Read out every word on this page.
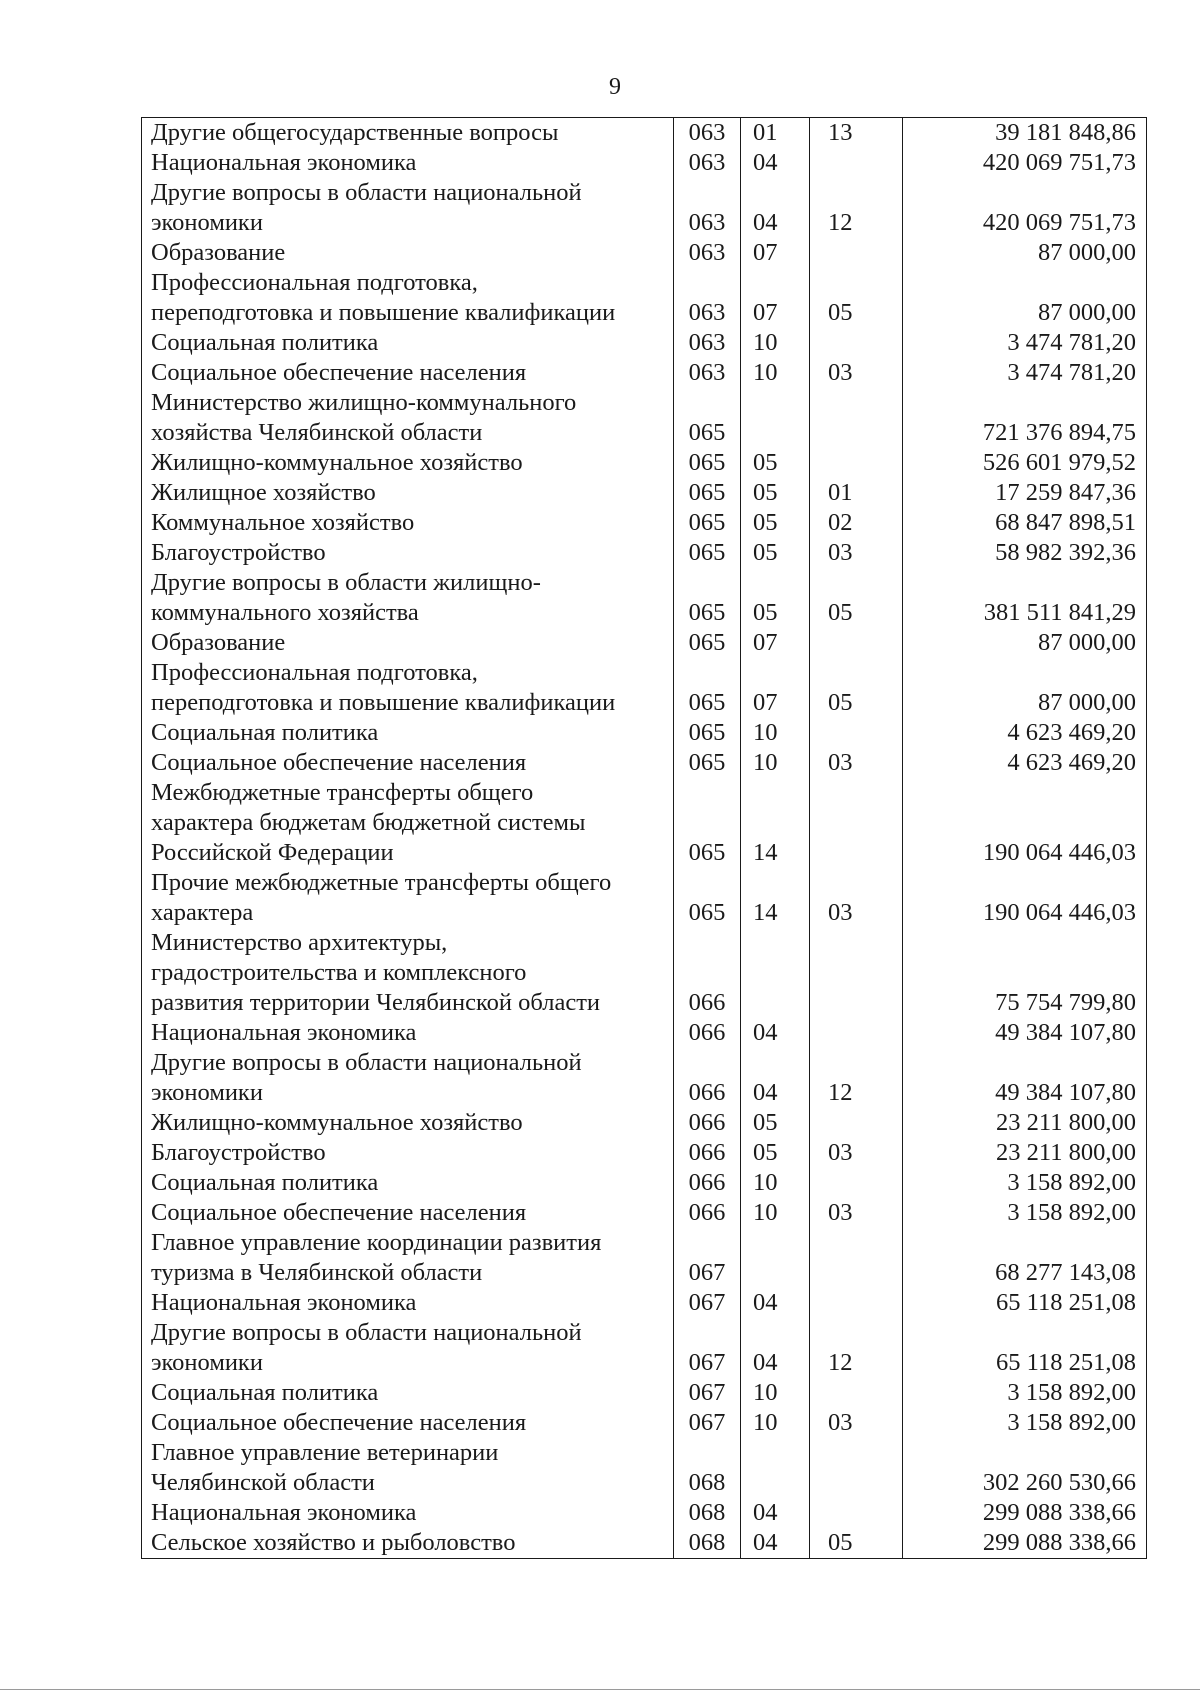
9
Другие общегосударственные вопросы	063	01	13	39 181 848,86

Национальная экономика	063	04		420 069 751,73

Другие вопросы в области национальной
экономики	063	04	12	420 069 751,73

Образование	063	07		87 000,00

Профессиональная подготовка,
переподготовка и повышение квалификации	063	07	05	87 000,00

Социальная политика	063	10		3 474 781,20

Социальное обеспечение населения	063	10	03	3 474 781,20

Министерство жилищно-коммунального
хозяйства Челябинской области	065			721 376 894,75

Жилищно-коммунальное хозяйство	065	05		526 601 979,52

Жилищное хозяйство	065	05	01	17 259 847,36

Коммунальное хозяйство	065	05	02	68 847 898,51

Благоустройство	065	05	03	58 982 392,36

Другие вопросы в области жилищно-
коммунального хозяйства	065	05	05	381 511 841,29

Образование	065	07		87 000,00

Профессиональная подготовка,
переподготовка и повышение квалификации	065	07	05	87 000,00

Социальная политика	065	10		4 623 469,20

Социальное обеспечение населения	065	10	03	4 623 469,20

Межбюджетные трансферты общего
характера бюджетам бюджетной системы
Российской Федерации	065	14		190 064 446,03

Прочие межбюджетные трансферты общего
характера	065	14	03	190 064 446,03

Министерство архитектуры,
градостроительства и комплексного
развития территории Челябинской области	066			75 754 799,80

Национальная экономика	066	04		49 384 107,80

Другие вопросы в области национальной
экономики	066	04	12	49 384 107,80

Жилищно-коммунальное хозяйство	066	05		23 211 800,00

Благоустройство	066	05	03	23 211 800,00

Социальная политика	066	10		3 158 892,00

Социальное обеспечение населения	066	10	03	3 158 892,00

Главное управление координации развития
туризма в Челябинской области	067			68 277 143,08

Национальная экономика	067	04		65 118 251,08

Другие вопросы в области национальной
экономики	067	04	12	65 118 251,08

Социальная политика	067	10		3 158 892,00

Социальное обеспечение населения	067	10	03	3 158 892,00

Главное управление ветеринарии
Челябинской области	068			302 260 530,66

Национальная экономика	068	04		299 088 338,66

Сельское хозяйство и рыболовство	068	04	05	299 088 338,66
